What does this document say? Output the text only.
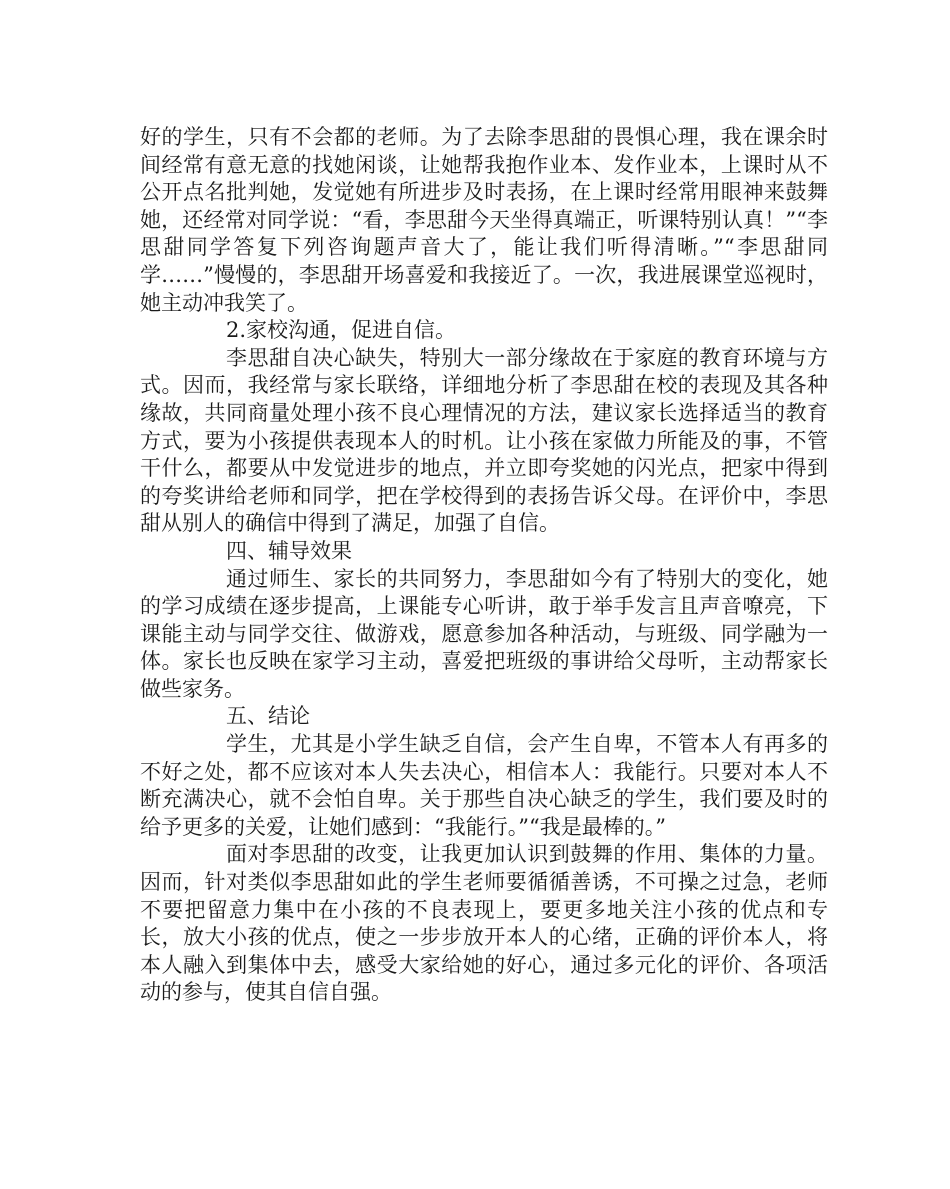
好的学生，只有不会都的老师。为了去除李思甜的畏惧心理，我在课余时间经常有意无意的找她闲谈，让她帮我抱作业本、发作业本，上课时从不公开点名批判她，发觉她有所进步及时表扬，在上课时经常用眼神来鼓舞她，还经常对同学说：“看，李思甜今天坐得真端正，听课特别认真！”“李思甜同学答复下列咨询题声音大了，能让我们听得清晰。”“李思甜同学……”慢慢的，李思甜开场喜爱和我接近了。一次，我进展课堂巡视时，她主动冲我笑了。

2.家校沟通，促进自信。

李思甜自决心缺失，特别大一部分缘故在于家庭的教育环境与方式。因而，我经常与家长联络，详细地分析了李思甜在校的表现及其各种缘故，共同商量处理小孩不良心理情况的方法，建议家长选择适当的教育方式，要为小孩提供表现本人的时机。让小孩在家做力所能及的事，不管干什么，都要从中发觉进步的地点，并立即夸奖她的闪光点，把家中得到的夸奖讲给老师和同学，把在学校得到的表扬告诉父母。在评价中，李思甜从别人的确信中得到了满足，加强了自信。

四、辅导效果

通过师生、家长的共同努力，李思甜如今有了特别大的变化，她的学习成绩在逐步提高，上课能专心听讲，敢于举手发言且声音嘹亮，下课能主动与同学交往、做游戏，愿意参加各种活动，与班级、同学融为一体。家长也反映在家学习主动，喜爱把班级的事讲给父母听，主动帮家长做些家务。

五、结论

学生，尤其是小学生缺乏自信，会产生自卑，不管本人有再多的不好之处，都不应该对本人失去决心，相信本人：我能行。只要对本人不断充满决心，就不会怕自卑。关于那些自决心缺乏的学生，我们要及时的给予更多的关爱，让她们感到：“我能行。”“我是最棒的。”

面对李思甜的改变，让我更加认识到鼓舞的作用、集体的力量。因而，针对类似李思甜如此的学生老师要循循善诱，不可操之过急，老师不要把留意力集中在小孩的不良表现上，要更多地关注小孩的优点和专长，放大小孩的优点，使之一步步放开本人的心绪，正确的评价本人，将本人融入到集体中去，感受大家给她的好心，通过多元化的评价、各项活动的参与，使其自信自强。
